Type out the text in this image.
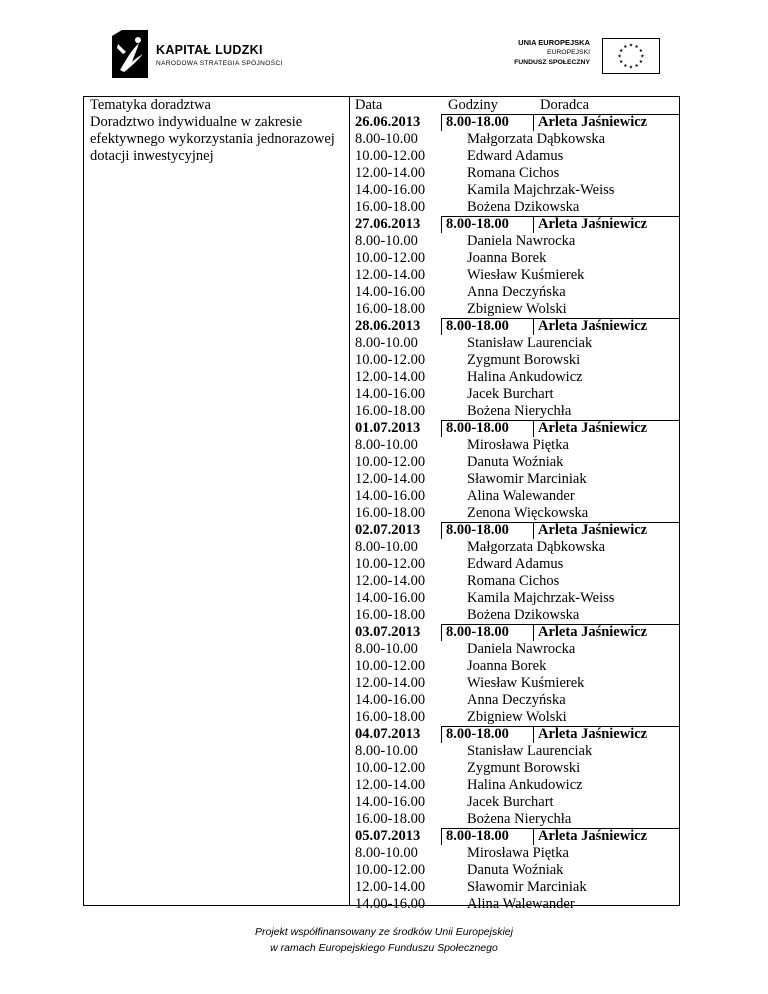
KAPITAŁ LUDZKI
NARODOWA STRATEGIA SPÓJNOŚCI
UNIA EUROPEJSKA
EUROPEJSKI
FUNDUSZ SPOŁECZNY
★ ★
★
★
★
★
★
★
★
★
★
★
Tematyka doradztwa
Doradztwo indywidualne w zakresie efektywnego wykorzystania jednorazowej dotacji inwestycyjnej
Data	Godziny	Doradca
26.06.2013 8.00-18.00 Arleta Jaśniewicz
8.00-10.00	Małgorzata Dąbkowska
10.00-12.00	Edward Adamus
12.00-14.00	Romana Cichos
14.00-16.00	Kamila Majchrzak-Weiss
16.00-18.00	Bożena Dzikowska
27.06.2013 8.00-18.00 Arleta Jaśniewicz
8.00-10.00	Daniela Nawrocka
10.00-12.00	Joanna Borek
12.00-14.00	Wiesław Kuśmierek
14.00-16.00	Anna Deczyńska
16.00-18.00	Zbigniew Wolski
28.06.2013 8.00-18.00 Arleta Jaśniewicz
8.00-10.00	Stanisław Laurenciak
10.00-12.00	Zygmunt Borowski
12.00-14.00	Halina Ankudowicz
14.00-16.00	Jacek Burchart
16.00-18.00	Bożena Nierychła
01.07.2013 8.00-18.00 Arleta Jaśniewicz
8.00-10.00	Mirosława Piętka
10.00-12.00	Danuta Woźniak
12.00-14.00	Sławomir Marciniak
14.00-16.00	Alina Walewander
16.00-18.00	Zenona Więckowska
02.07.2013 8.00-18.00 Arleta Jaśniewicz
8.00-10.00	Małgorzata Dąbkowska
10.00-12.00	Edward Adamus
12.00-14.00	Romana Cichos
14.00-16.00	Kamila Majchrzak-Weiss
16.00-18.00	Bożena Dzikowska
03.07.2013 8.00-18.00 Arleta Jaśniewicz
8.00-10.00	Daniela Nawrocka
10.00-12.00	Joanna Borek
12.00-14.00	Wiesław Kuśmierek
14.00-16.00	Anna Deczyńska
16.00-18.00	Zbigniew Wolski
04.07.2013 8.00-18.00 Arleta Jaśniewicz
8.00-10.00	Stanisław Laurenciak
10.00-12.00	Zygmunt Borowski
12.00-14.00	Halina Ankudowicz
14.00-16.00	Jacek Burchart
16.00-18.00	Bożena Nierychła
05.07.2013 8.00-18.00 Arleta Jaśniewicz
8.00-10.00	Mirosława Piętka
10.00-12.00	Danuta Woźniak
12.00-14.00	Sławomir Marciniak
14.00-16.00	Alina Walewander
Projekt współfinansowany ze środków Unii Europejskiej
w ramach Europejskiego Funduszu Społecznego
